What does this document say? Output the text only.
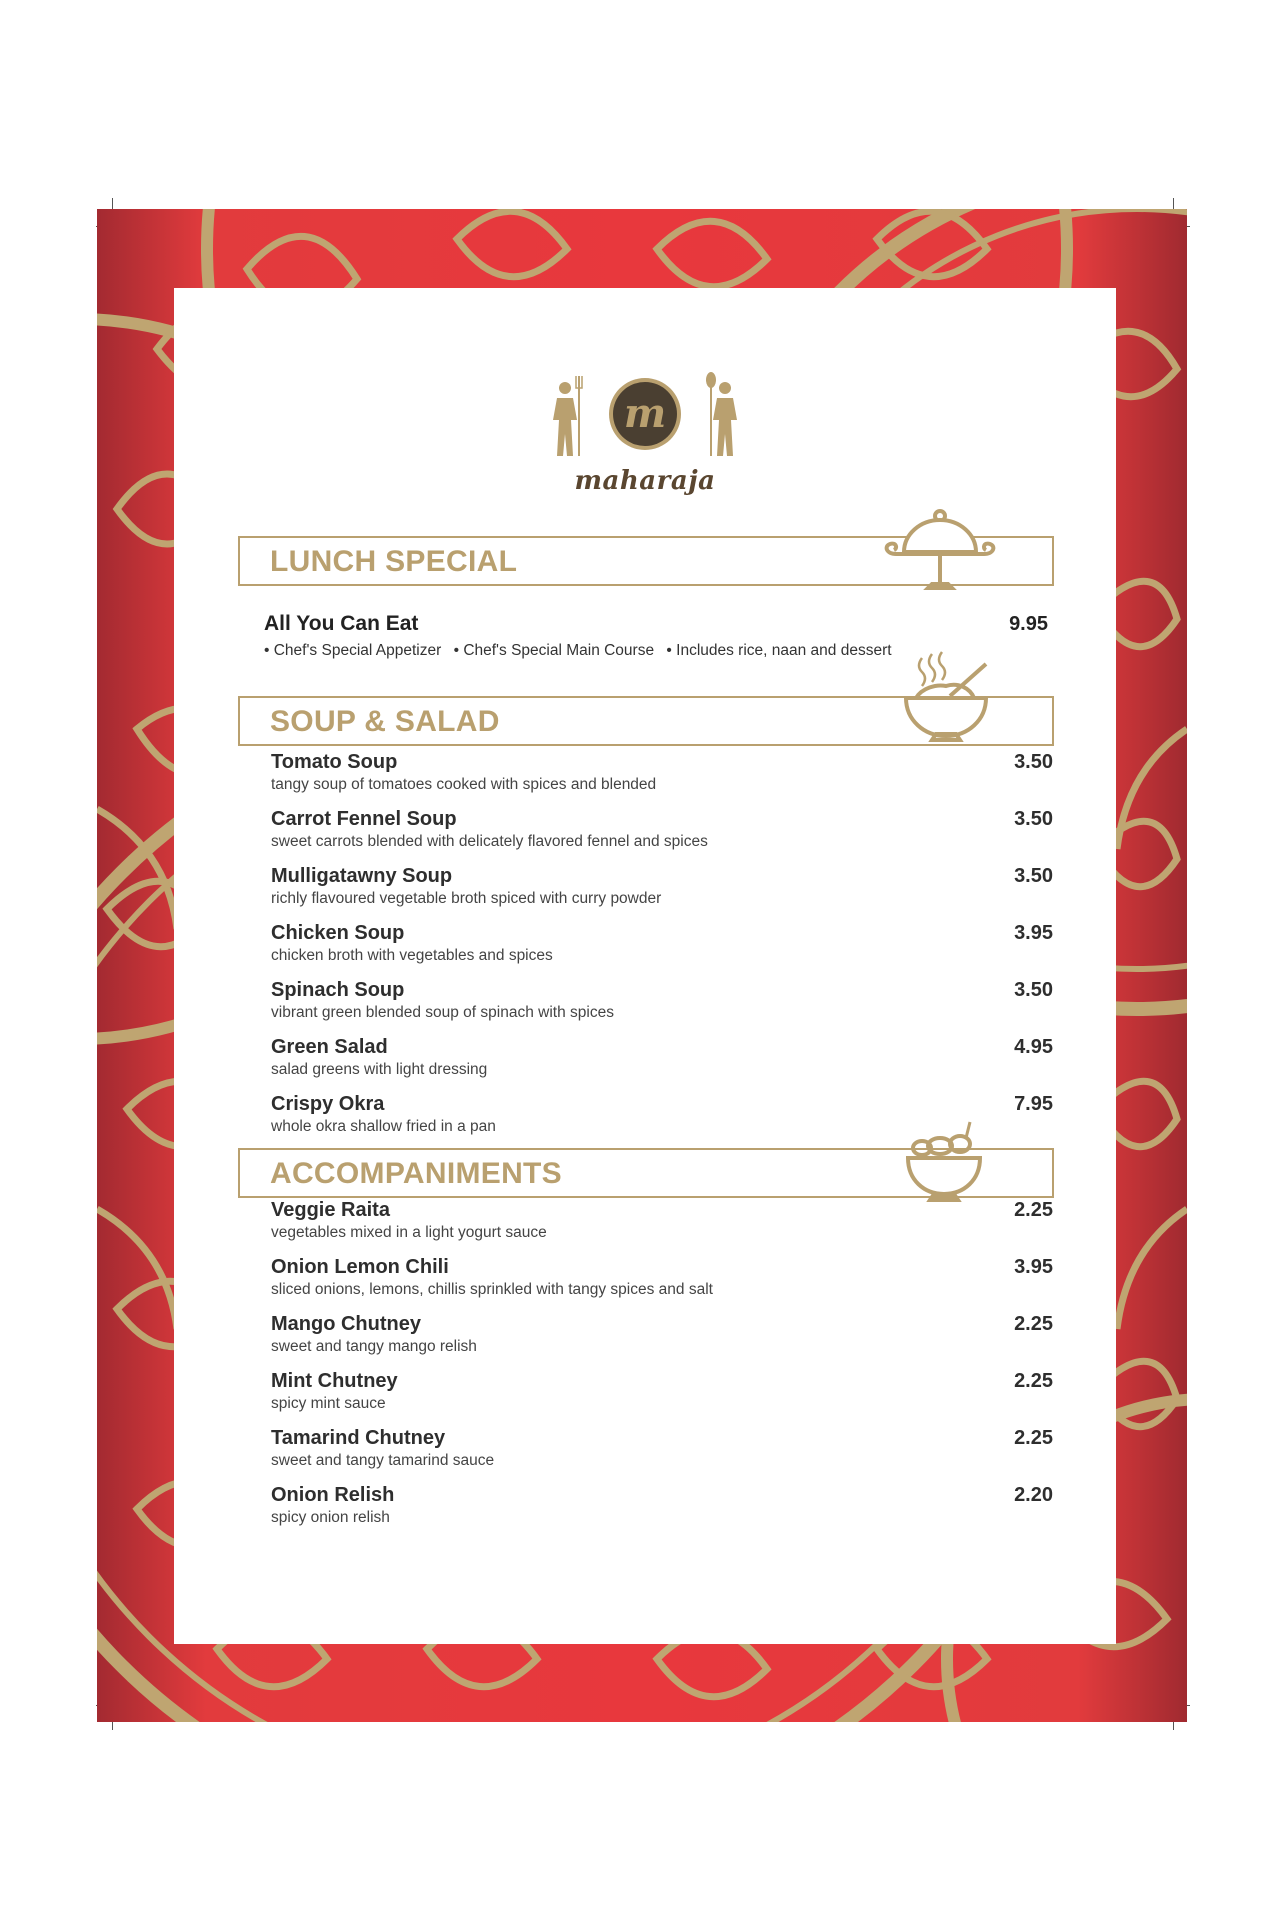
m
maharaja
LUNCH SPECIAL
All You Can Eat	9.95
• Chef's Special Appetizer • Chef's Special Main Course • Includes rice, naan and dessert
SOUP & SALAD
Tomato Soup	3.50
tangy soup of tomatoes cooked with spices and blended
Carrot Fennel Soup	3.50
sweet carrots blended with delicately flavored fennel and spices
Mulligatawny Soup	3.50
richly flavoured vegetable broth spiced with curry powder
Chicken Soup	3.95
chicken broth with vegetables and spices
Spinach Soup	3.50
vibrant green blended soup of spinach with spices
Green Salad	4.95
salad greens with light dressing
Crispy Okra	7.95
whole okra shallow fried in a pan
ACCOMPANIMENTS
Veggie Raita	2.25
vegetables mixed in a light yogurt sauce
Onion Lemon Chili	3.95
sliced onions, lemons, chillis sprinkled with tangy spices and salt
Mango Chutney	2.25
sweet and tangy mango relish
Mint Chutney	2.25
spicy mint sauce
Tamarind Chutney	2.25
sweet and tangy tamarind sauce
Onion Relish	2.20
spicy onion relish
